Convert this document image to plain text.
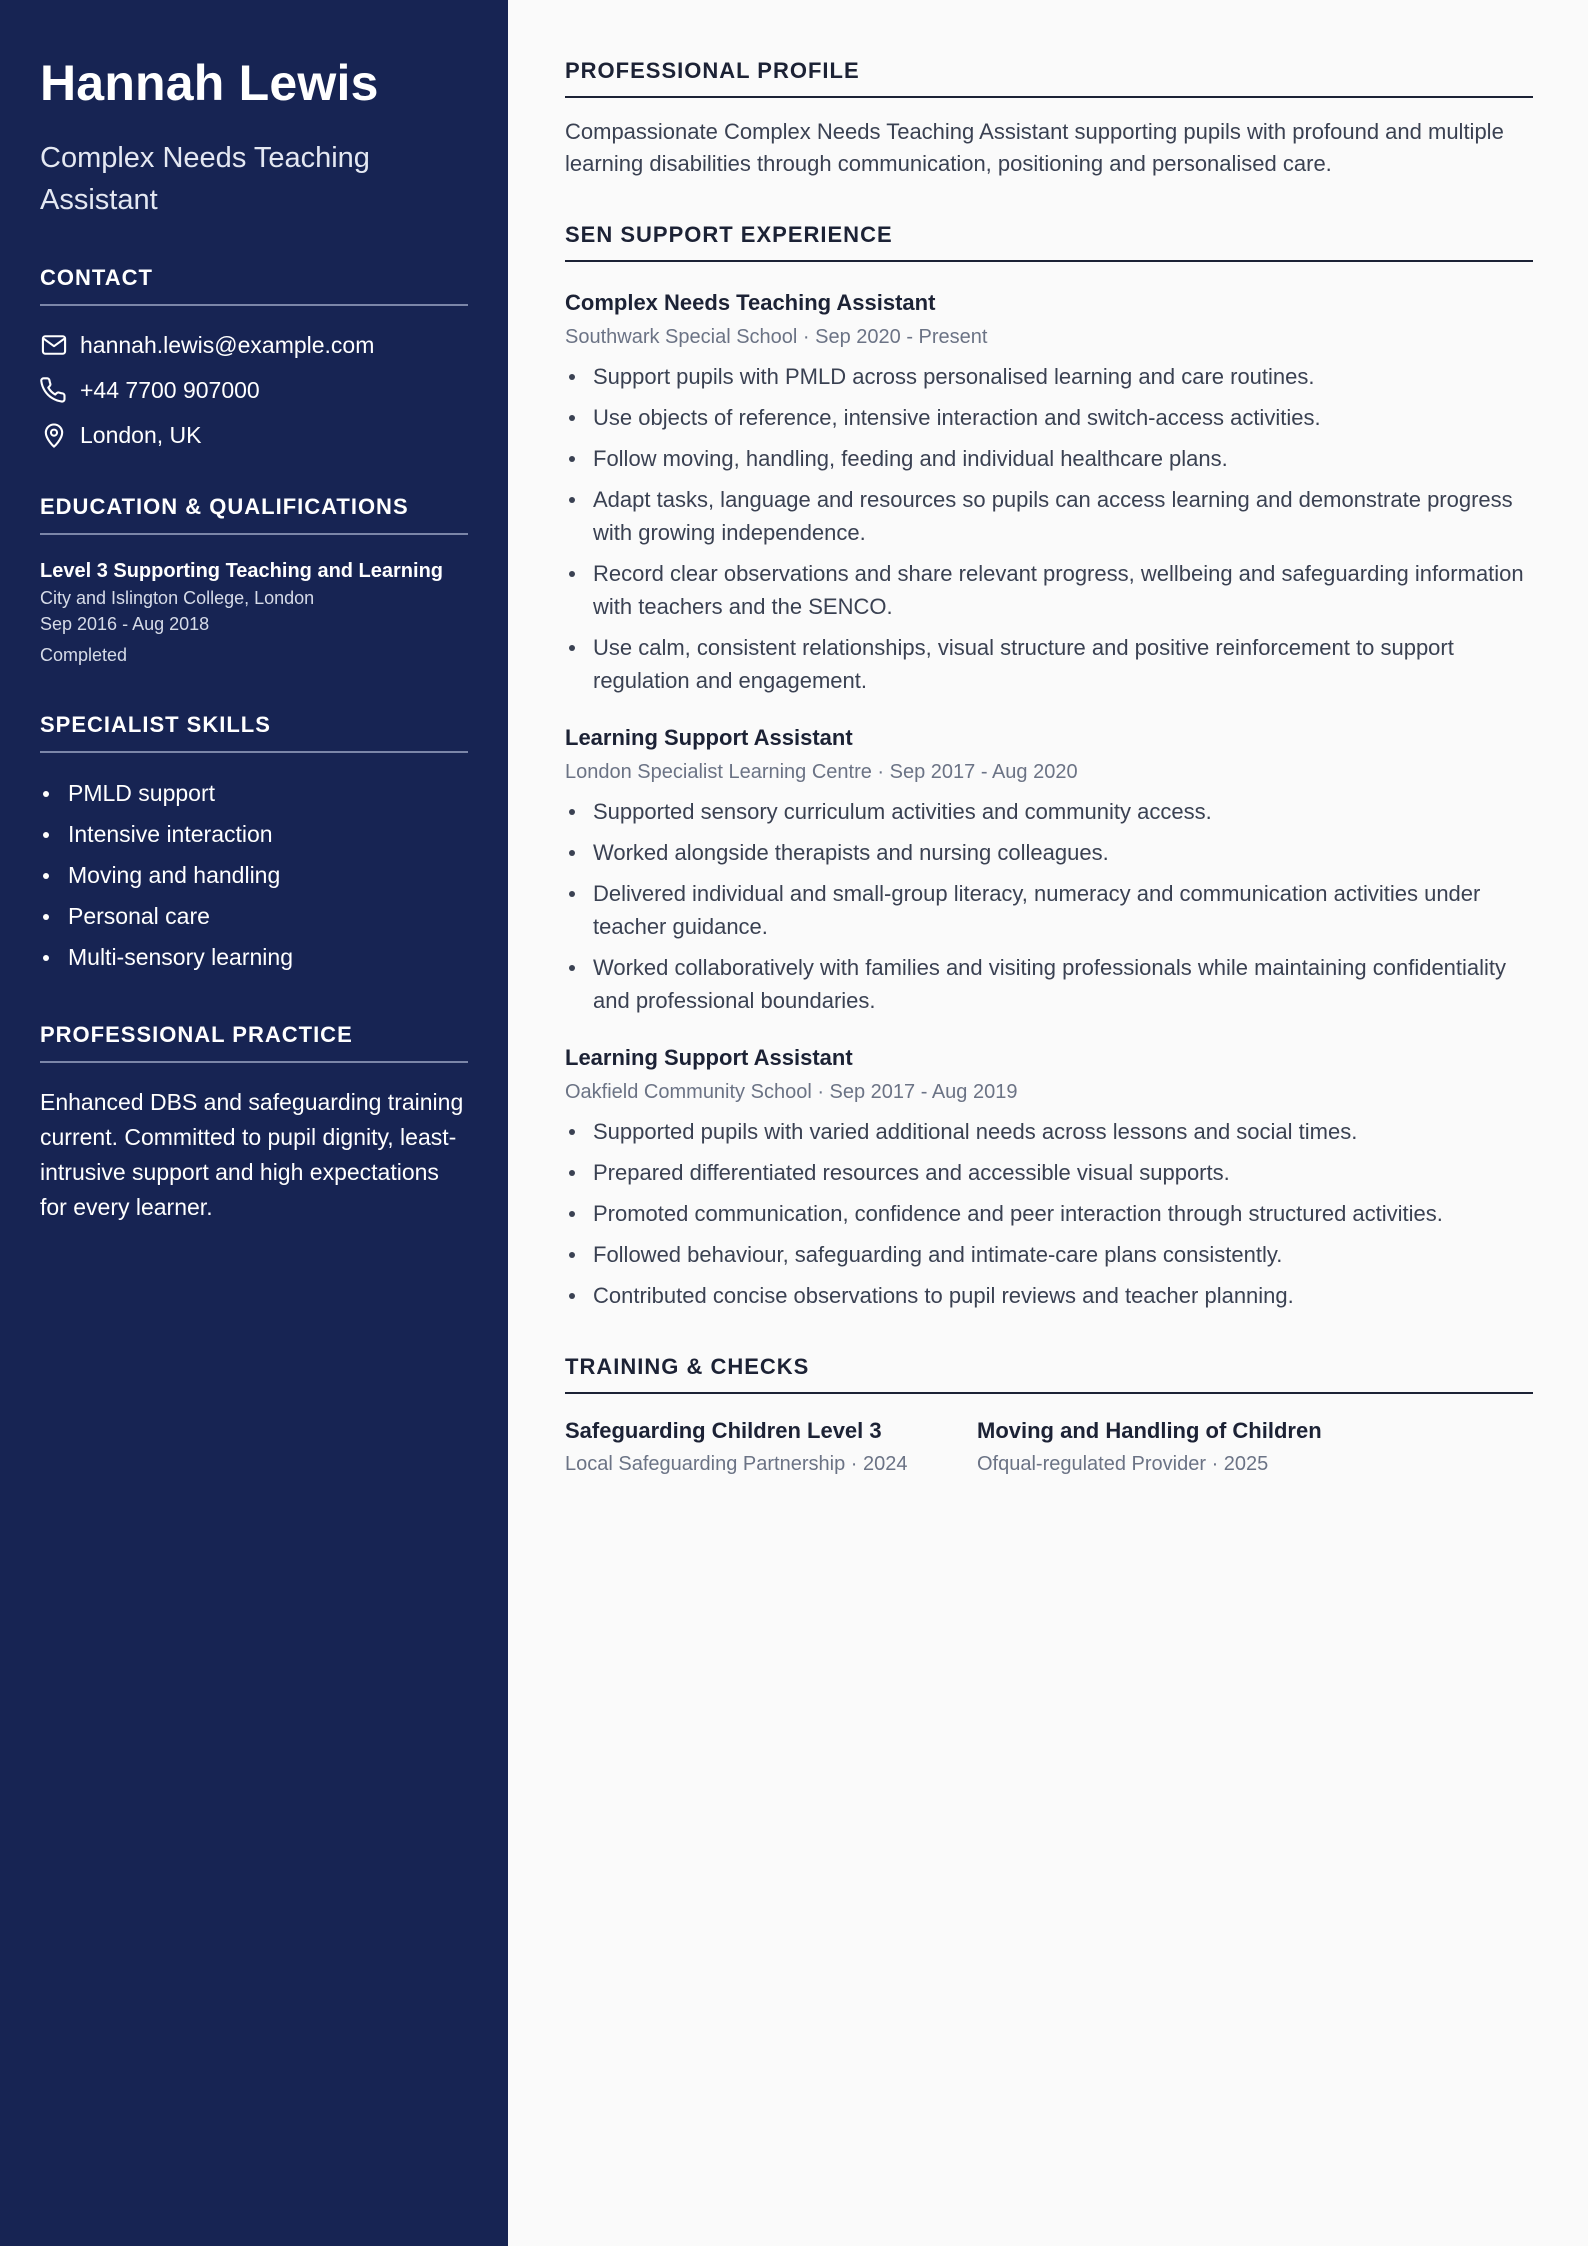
Hannah Lewis
Complex Needs Teaching Assistant
CONTACT
hannah.lewis@example.com
+44 7700 907000
London, UK
EDUCATION & QUALIFICATIONS
Level 3 Supporting Teaching and Learning
City and Islington College, London
Sep 2016 - Aug 2018
Completed
SPECIALIST SKILLS
PMLD support
Intensive interaction
Moving and handling
Personal care
Multi-sensory learning
PROFESSIONAL PRACTICE

Enhanced DBS and safeguarding training current. Committed to pupil dignity, least-intrusive support and high expectations for every learner.

PROFESSIONAL PROFILE

Compassionate Complex Needs Teaching Assistant supporting pupils with profound and multiple learning disabilities through communication, positioning and personalised care.

SEN SUPPORT EXPERIENCE
Complex Needs Teaching Assistant
Southwark Special School · Sep 2020 - Present
Support pupils with PMLD across personalised learning and care routines.
Use objects of reference, intensive interaction and switch-access activities.
Follow moving, handling, feeding and individual healthcare plans.
Adapt tasks, language and resources so pupils can access learning and demonstrate progress with growing independence.
Record clear observations and share relevant progress, wellbeing and safeguarding information with teachers and the SENCO.
Use calm, consistent relationships, visual structure and positive reinforcement to support regulation and engagement.
Learning Support Assistant
London Specialist Learning Centre · Sep 2017 - Aug 2020
Supported sensory curriculum activities and community access.
Worked alongside therapists and nursing colleagues.
Delivered individual and small-group literacy, numeracy and communication activities under teacher guidance.
Worked collaboratively with families and visiting professionals while maintaining confidentiality and professional boundaries.
Learning Support Assistant
Oakfield Community School · Sep 2017 - Aug 2019
Supported pupils with varied additional needs across lessons and social times.
Prepared differentiated resources and accessible visual supports.
Promoted communication, confidence and peer interaction through structured activities.
Followed behaviour, safeguarding and intimate-care plans consistently.
Contributed concise observations to pupil reviews and teacher planning.
TRAINING & CHECKS
Safeguarding Children Level 3
Local Safeguarding Partnership · 2024
Moving and Handling of Children
Ofqual-regulated Provider · 2025
